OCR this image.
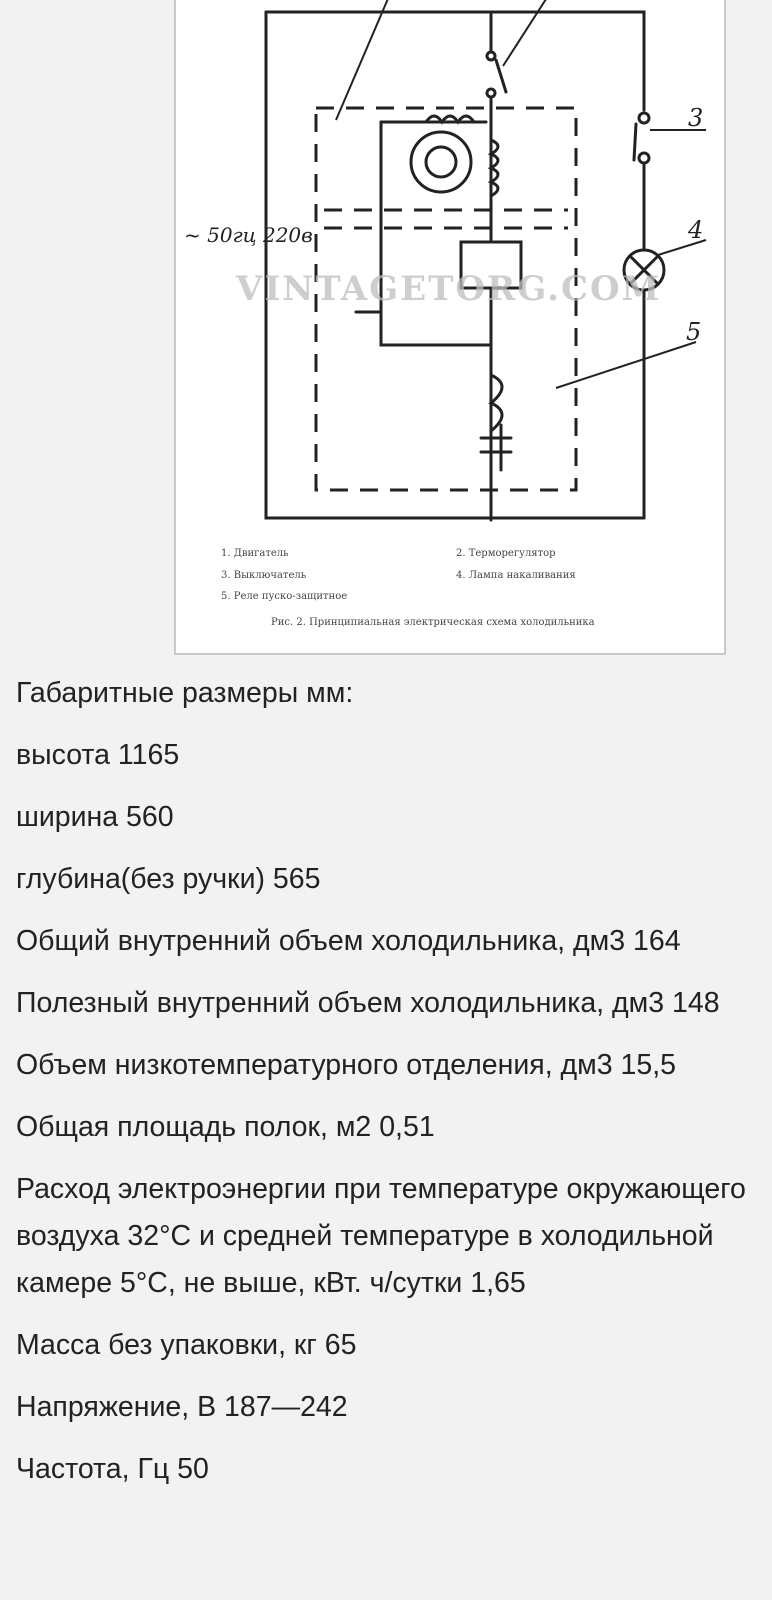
3
4
5
~ 50гц 220в
VINTAGETORG.COM
1. Двигатель	2. Терморегулятор
3. Выключатель	4. Лампа накаливания
5. Реле пуско-защитное
Рис. 2. Принципиальная электрическая схема холодильника

Габаритные размеры мм:

высота 1165

ширина 560

глубина(без ручки) 565

Общий внутренний объем холодильника, дм3 164

Полезный внутренний объем холодильника, дм3 148

Объем низкотемпературного отделения, дм3 15,5

Общая площадь полок, м2 0,51

Расход электроэнергии при температуре окружающего воздуха 32°С и средней температуре в холодильной камере 5°С, не выше, кВт. ч/сутки 1,65

Масса без упаковки, кг 65

Напряжение, В 187—242

Частота, Гц 50
